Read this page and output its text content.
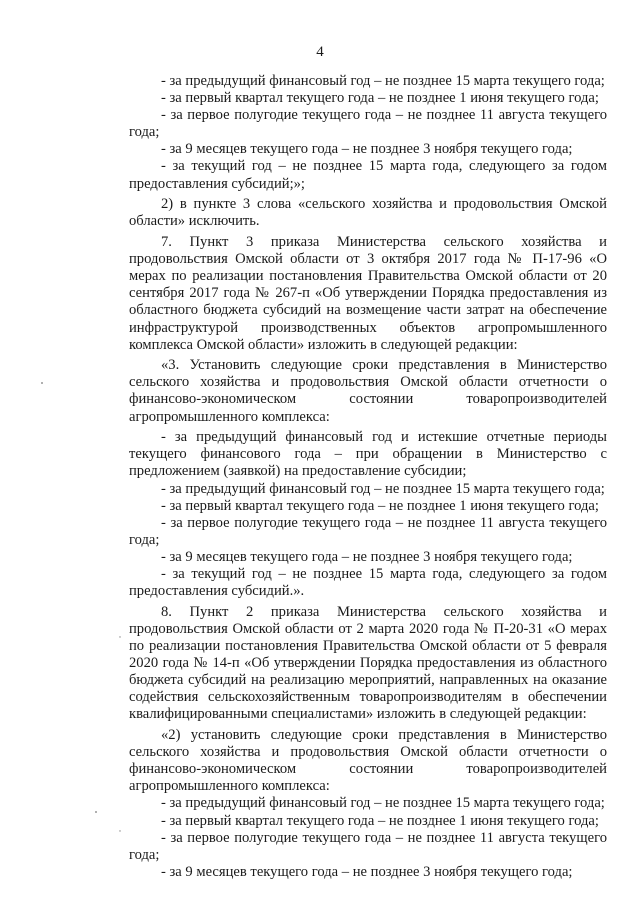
4

- за предыдущий финансовый год – не позднее 15 марта текущего года;

- за первый квартал текущего года – не позднее 1 июня текущего года;

- за первое полугодие текущего года – не позднее 11 августа текущего года;

- за 9 месяцев текущего года – не позднее 3 ноября текущего года;

- за текущий год – не позднее 15 марта года, следующего за годом предоставления субсидий;»;

2) в пункте 3 слова «сельского хозяйства и продовольствия Омской области» исключить.

7. Пункт 3 приказа Министерства сельского хозяйства и продовольствия Омской области от 3 октября 2017 года № П-17-96 «О мерах по реализации постановления Правительства Омской области от 20 сентября 2017 года № 267-п «Об утверждении Порядка предоставления из областного бюджета субсидий на возмещение части затрат на обеспечение инфраструктурой производственных объектов агропромышленного комплекса Омской области» изложить в следующей редакции:

«3. Установить следующие сроки представления в Министерство сельского хозяйства и продовольствия Омской области отчетности о финансово-экономическом состоянии товаропроизводителей агропромышленного комплекса:

- за предыдущий финансовый год и истекшие отчетные периоды текущего финансового года – при обращении в Министерство с предложением (заявкой) на предоставление субсидии;

- за предыдущий финансовый год – не позднее 15 марта текущего года;

- за первый квартал текущего года – не позднее 1 июня текущего года;

- за первое полугодие текущего года – не позднее 11 августа текущего года;

- за 9 месяцев текущего года – не позднее 3 ноября текущего года;

- за текущий год – не позднее 15 марта года, следующего за годом предоставления субсидий.».

8. Пункт 2 приказа Министерства сельского хозяйства и продовольствия Омской области от 2 марта 2020 года № П-20-31 «О мерах по реализации постановления Правительства Омской области от 5 февраля 2020 года № 14-п «Об утверждении Порядка предоставления из областного бюджета субсидий на реализацию мероприятий, направленных на оказание содействия сельскохозяйственным товаропроизводителям в обеспечении квалифицированными специалистами» изложить в следующей редакции:

«2) установить следующие сроки представления в Министерство сельского хозяйства и продовольствия Омской области отчетности о финансово-экономическом состоянии товаропроизводителей агропромышленного комплекса:

- за предыдущий финансовый год – не позднее 15 марта текущего года;

- за первый квартал текущего года – не позднее 1 июня текущего года;

- за первое полугодие текущего года – не позднее 11 августа текущего года;

- за 9 месяцев текущего года – не позднее 3 ноября текущего года;
